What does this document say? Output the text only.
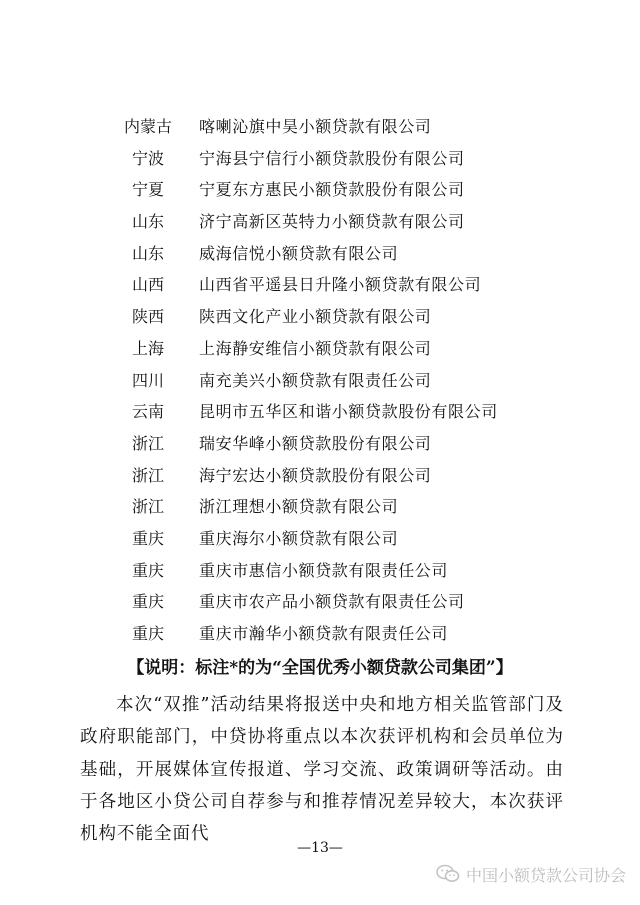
内蒙古	喀喇沁旗中昊小额贷款有限公司
宁波	宁海县宁信行小额贷款股份有限公司
宁夏	宁夏东方惠民小额贷款股份有限公司
山东	济宁高新区英特力小额贷款有限公司
山东	威海信悦小额贷款有限公司
山西	山西省平遥县日升隆小额贷款有限公司
陕西	陕西文化产业小额贷款有限公司
上海	上海静安维信小额贷款有限公司
四川	南充美兴小额贷款有限责任公司
云南	昆明市五华区和谐小额贷款股份有限公司
浙江	瑞安华峰小额贷款股份有限公司
浙江	海宁宏达小额贷款股份有限公司
浙江	浙江理想小额贷款有限公司
重庆	重庆海尔小额贷款有限公司
重庆	重庆市惠信小额贷款有限责任公司
重庆	重庆市农产品小额贷款有限责任公司
重庆	重庆市瀚华小额贷款有限责任公司
【说明：标注*的为“全国优秀小额贷款公司集团”】
本次“双推”活动结果将报送中央和地方相关监管部门及政府职能部门，中贷协将重点以本次获评机构和会员单位为基础，开展媒体宣传报道、学习交流、政策调研等活动。由于各地区小贷公司自荐参与和推荐情况差异较大，本次获评机构不能全面代
—13—
中国小额贷款公司协会
